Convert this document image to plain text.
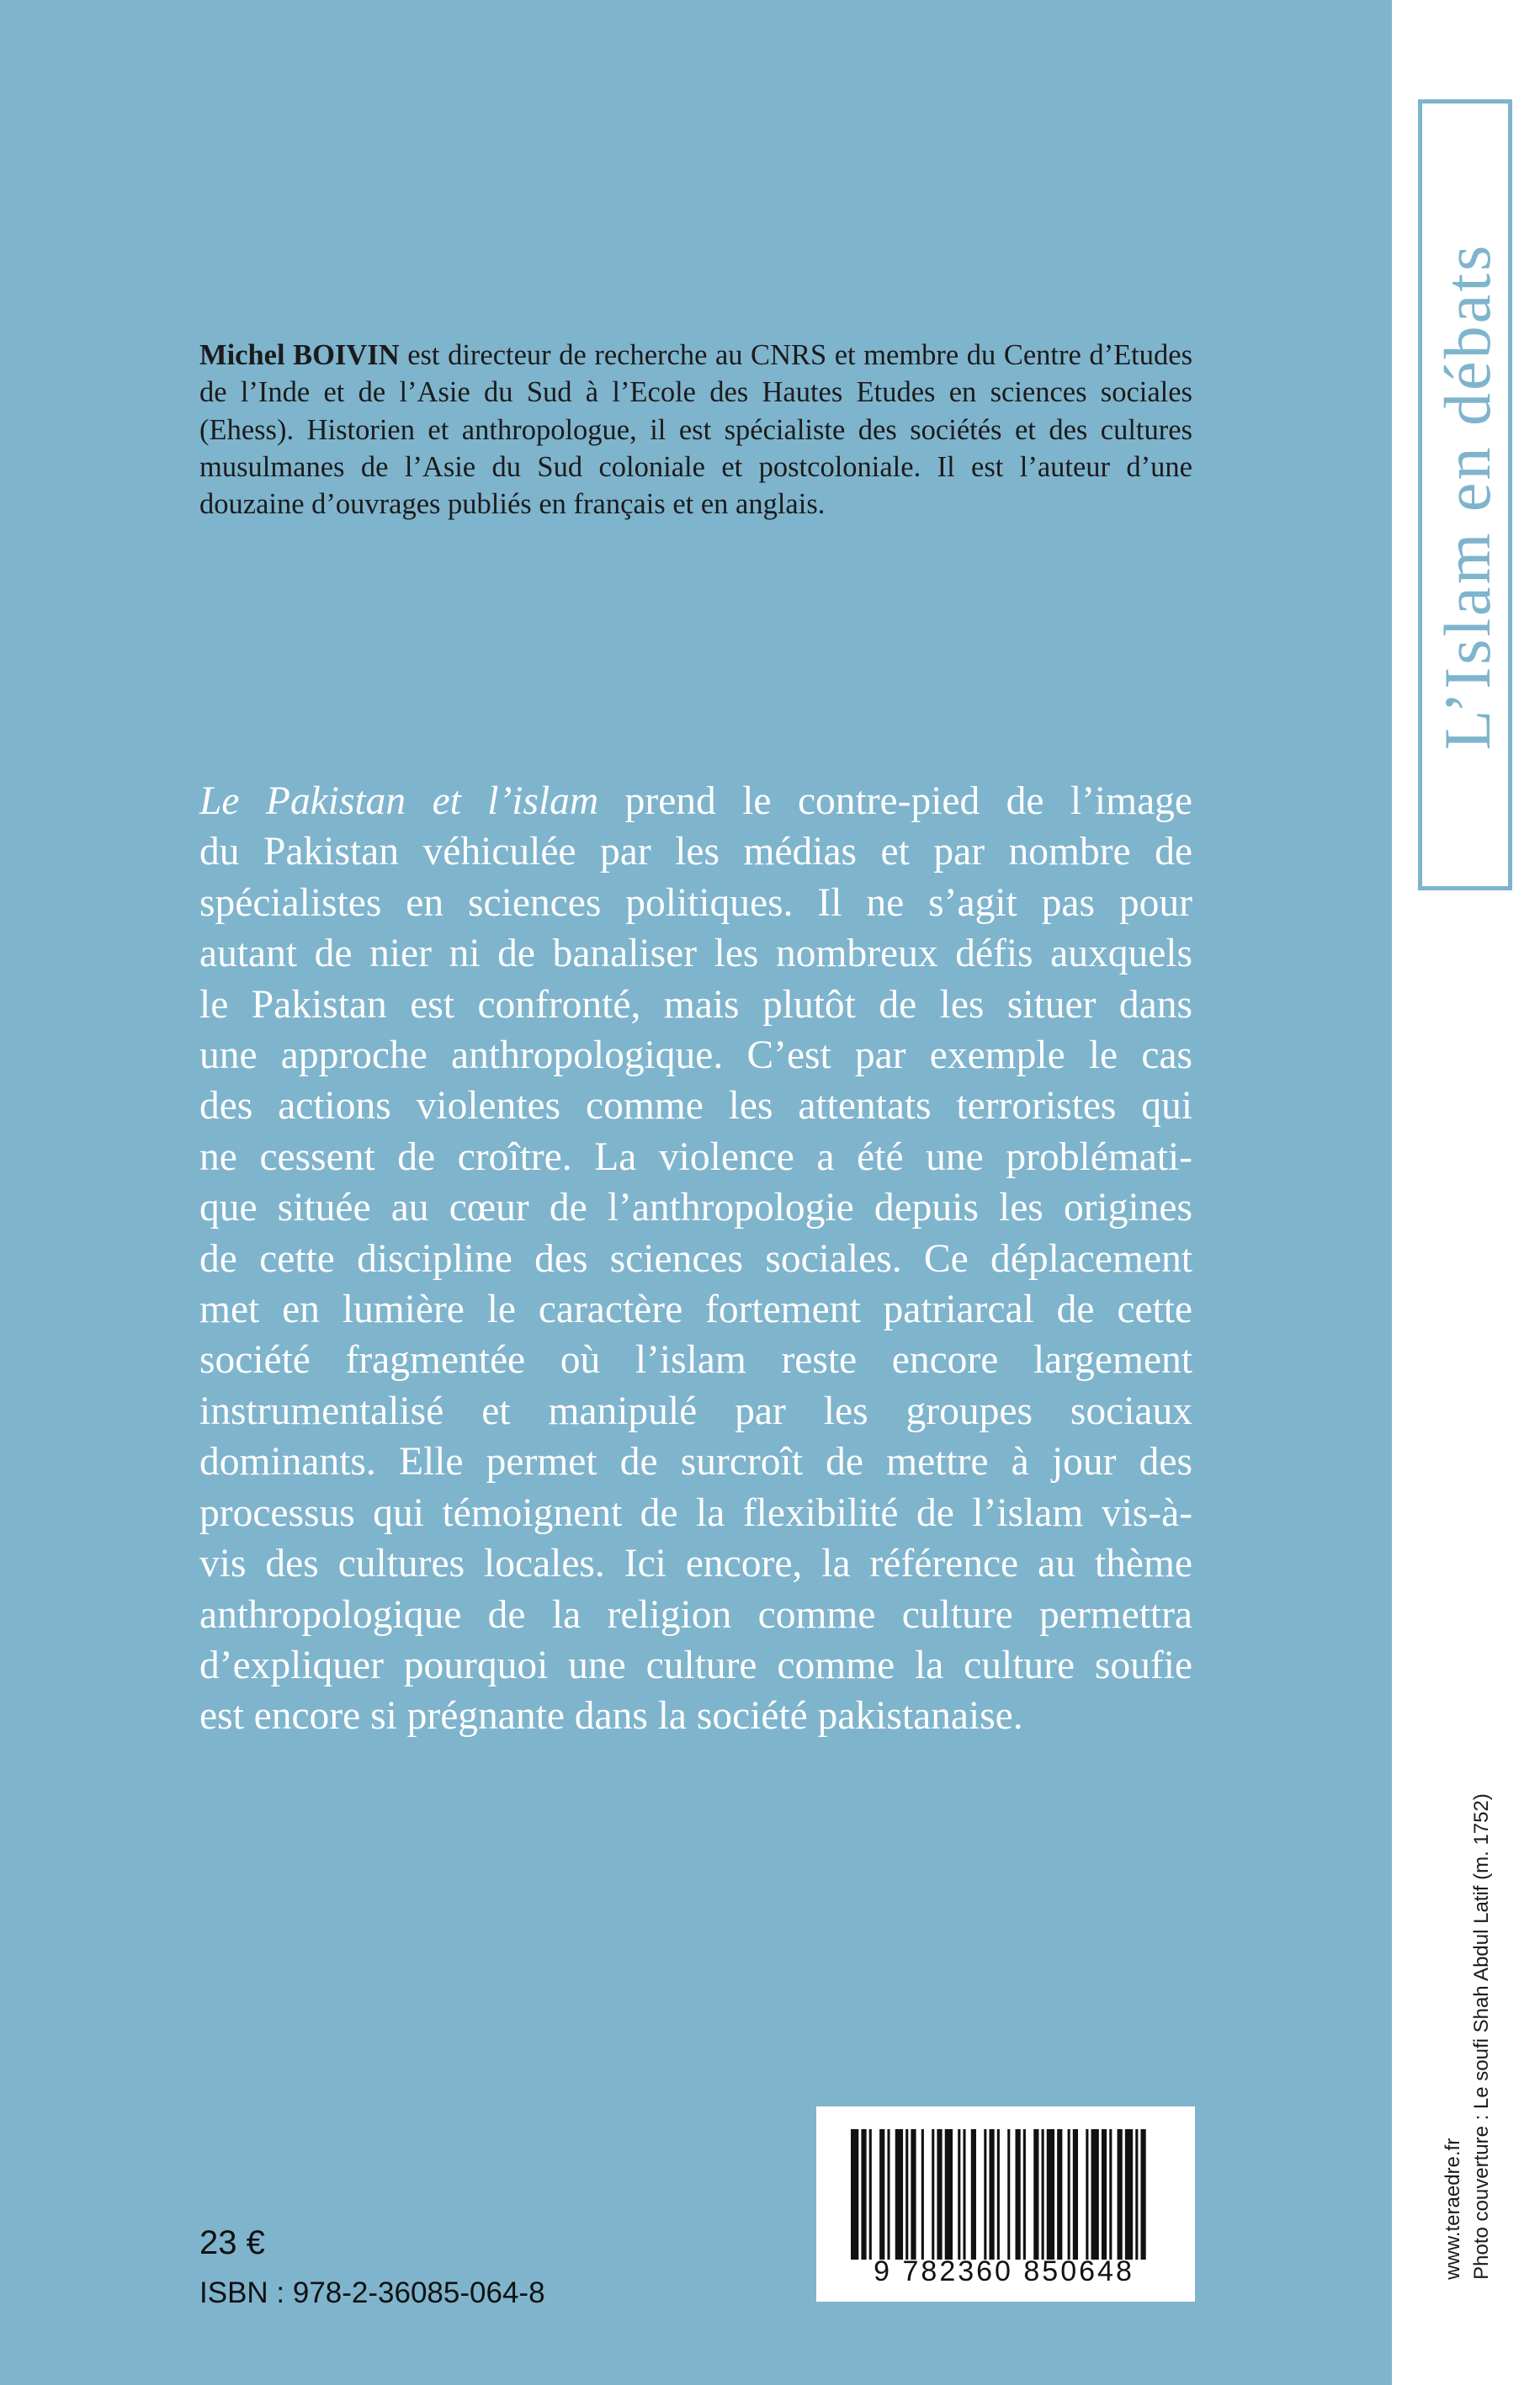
L’Islam en débats
www.teraedre.fr Photo couverture : Le soufi Shah Abdul Latif (m. 1752)
Michel BOIVIN est directeur de recherche au CNRS et membre du Centre d’Etudes de l’Inde et de l’Asie du Sud à l’Ecole des Hautes Etudes en sciences sociales (Ehess). Historien et anthropologue, il est spécialiste des sociétés et des cultures musulmanes de l’Asie du Sud coloniale et postcoloniale. Il est l’auteur d’une douzaine d’ouvrages publiés en français et en anglais.
Le Pakistan et l’islam prend le contre-pied de l’image
du Pakistan véhiculée par les médias et par nombre de
spécialistes en sciences politiques. Il ne s’agit pas pour
autant de nier ni de banaliser les nombreux défis auxquels
le Pakistan est confronté, mais plutôt de les situer dans
une approche anthropologique. C’est par exemple le cas
des actions violentes comme les attentats terroristes qui
ne cessent de croître. La violence a été une problémati-
que située au cœur de l’anthropologie depuis les origines
de cette discipline des sciences sociales. Ce déplacement
met en lumière le caractère fortement patriarcal de cette
société fragmentée où l’islam reste encore largement
instrumentalisé et manipulé par les groupes sociaux
dominants. Elle permet de surcroît de mettre à jour des
processus qui témoignent de la flexibilité de l’islam vis-à-
vis des cultures locales. Ici encore, la référence au thème
anthropologique de la religion comme culture permettra
d’expliquer pourquoi une culture comme la culture soufie
est encore si prégnante dans la société pakistanaise.
9 782360 850648
23 €
ISBN : 978-2-36085-064-8
